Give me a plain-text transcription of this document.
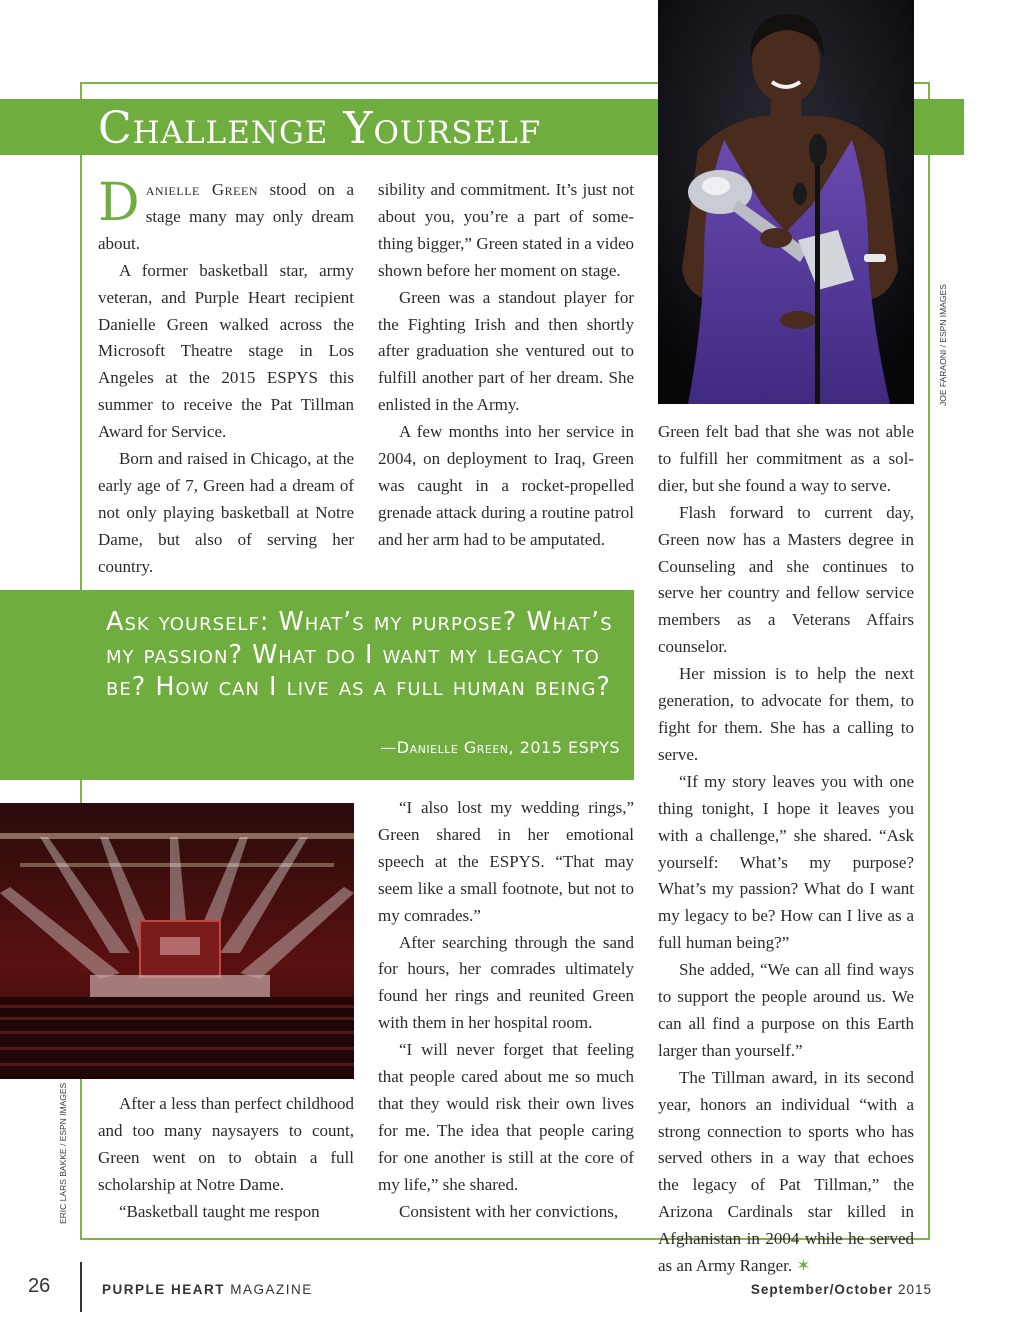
Challenge Yourself
JOE FARAONI / ESPN IMAGES

Danielle Green stood on a stage many may only dream about.

A former basketball star, army veteran, and Purple Heart recipient Danielle Green walked across the Microsoft Theatre stage in Los Angeles at the 2015 ESPYS this summer to receive the Pat Tillman Award for Service.

Born and raised in Chicago, at the early age of 7, Green had a dream of not only playing basketball at Notre Dame, but also of serving her country.

sibility and commitment. It’s just not about you, you’re a part of something bigger,” Green stated in a video shown before her moment on stage.

Green was a standout player for the Fighting Irish and then shortly after graduation she ventured out to fulfill another part of her dream. She enlisted in the Army.

A few months into her service in 2004, on deployment to Iraq, Green was caught in a rocket-propelled grenade attack during a routine patrol and her arm had to be amputated.

Ask yourself: What’s my purpose? What’s my passion? What do I want my legacy to be? How can I live as a full human being?

—Danielle Green, 2015 ESPYS
ERIC LARS BAKKE / ESPN IMAGES	After a less than perfect childhood and too many naysayers to count, Green went on to obtain a full scholarship at Notre Dame.

“Basketball taught me respon

“I also lost my wedding rings,” Green shared in her emotional speech at the ESPYS. “That may seem like a small footnote, but not to my comrades.”

After searching through the sand for hours, her comrades ultimately found her rings and reunited Green with them in her hospital room.

“I will never forget that feeling that people cared about me so much that they would risk their own lives for me. The idea that people caring for one another is still at the core of my life,” she shared.

Consistent with her convictions,

Green felt bad that she was not able to fulfill her commitment as a soldier, but she found a way to serve.

Flash forward to current day, Green now has a Masters degree in Counseling and she continues to serve her country and fellow service members as a Veterans Affairs counselor.

Her mission is to help the next generation, to advocate for them, to fight for them. She has a calling to serve.

“If my story leaves you with one thing tonight, I hope it leaves you with a challenge,” she shared. “Ask yourself: What’s my purpose? What’s my passion? What do I want my legacy to be? How can I live as a full human being?”

She added, “We can all find ways to support the people around us. We can all find a purpose on this Earth larger than yourself.”

The Tillman award, in its second year, honors an individual “with a strong connection to sports who has served others in a way that echoes the legacy of Pat Tillman,” the Arizona Cardinals star killed in Afghanistan in 2004 while he served as an Army Ranger. ✶

26	PURPLE HEART MAGAZINE	September/October 2015
